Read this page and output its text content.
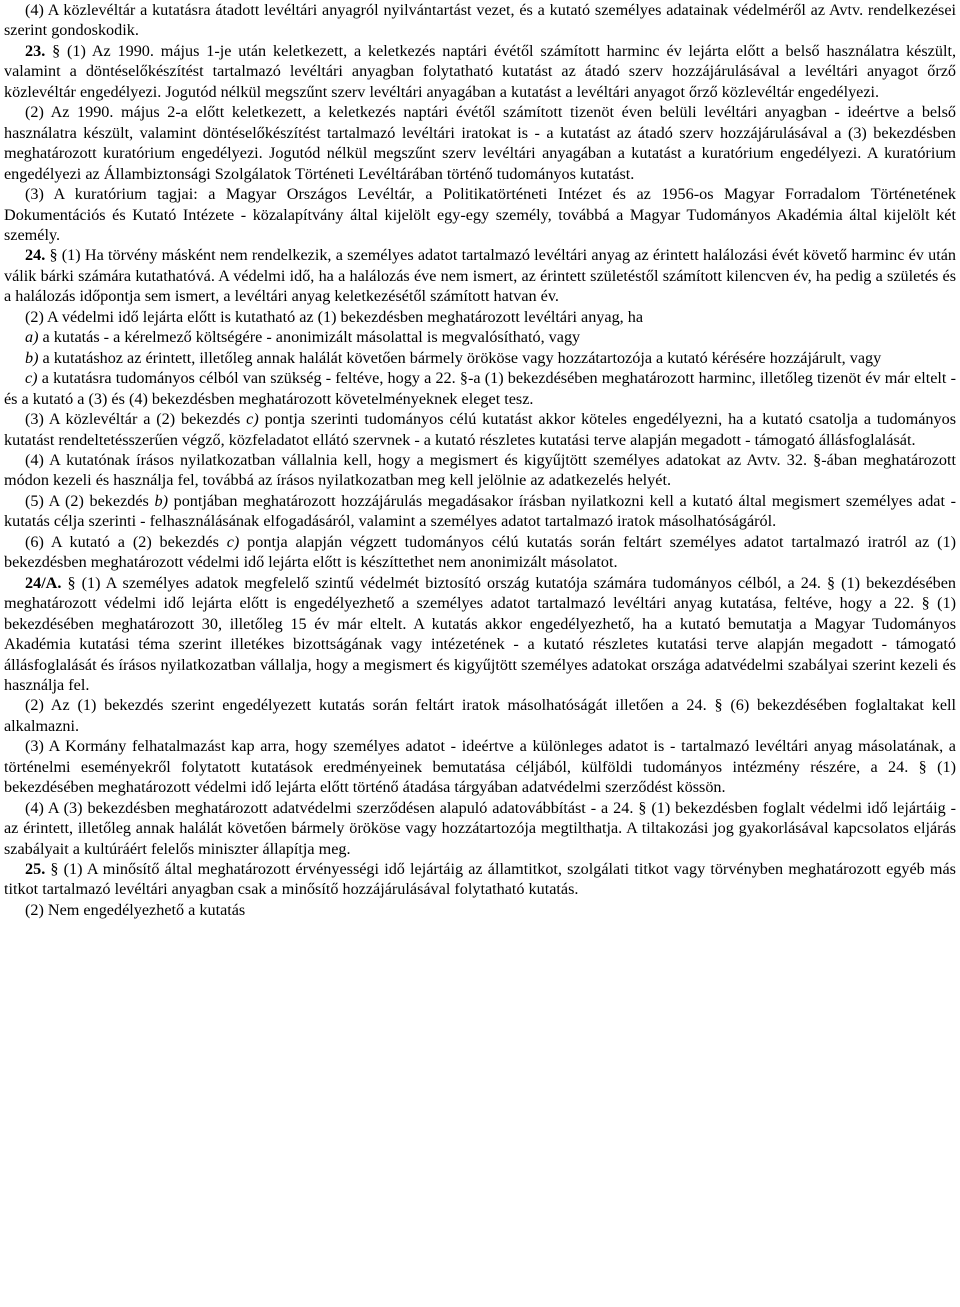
(4) A közlevéltár a kutatásra átadott levéltári anyagról nyilvántartást vezet, és a kutató személyes adatainak védelméről az Avtv. rendelkezései szerint gondoskodik.

23. § (1) Az 1990. május 1-je után keletkezett, a keletkezés naptári évétől számított harminc év lejárta előtt a belső használatra készült, valamint a döntéselőkészítést tartalmazó levéltári anyagban folytatható kutatást az átadó szerv hozzájárulásával a levéltári anyagot őrző közlevéltár engedélyezi. Jogutód nélkül megszűnt szerv levéltári anyagában a kutatást a levéltári anyagot őrző közlevéltár engedélyezi.

(2) Az 1990. május 2-a előtt keletkezett, a keletkezés naptári évétől számított tizenöt éven belüli levéltári anyagban - ideértve a belső használatra készült, valamint döntéselőkészítést tartalmazó levéltári iratokat is - a kutatást az átadó szerv hozzájárulásával a (3) bekezdésben meghatározott kuratórium engedélyezi. Jogutód nélkül megszűnt szerv levéltári anyagában a kutatást a kuratórium engedélyezi. A kuratórium engedélyezi az Állambiztonsági Szolgálatok Történeti Levéltárában történő tudományos kutatást.

(3) A kuratórium tagjai: a Magyar Országos Levéltár, a Politikatörténeti Intézet és az 1956-os Magyar Forradalom Történetének Dokumentációs és Kutató Intézete - közalapítvány által kijelölt egy-egy személy, továbbá a Magyar Tudományos Akadémia által kijelölt két személy.

24. § (1) Ha törvény másként nem rendelkezik, a személyes adatot tartalmazó levéltári anyag az érintett halálozási évét követő harminc év után válik bárki számára kutathatóvá. A védelmi idő, ha a halálozás éve nem ismert, az érintett születéstől számított kilencven év, ha pedig a születés és a halálozás időpontja sem ismert, a levéltári anyag keletkezésétől számított hatvan év.

(2) A védelmi idő lejárta előtt is kutatható az (1) bekezdésben meghatározott levéltári anyag, ha

a) a kutatás - a kérelmező költségére - anonimizált másolattal is megvalósítható, vagy

b) a kutatáshoz az érintett, illetőleg annak halálát követően bármely örököse vagy hozzátartozója a kutató kérésére hozzájárult, vagy

c) a kutatásra tudományos célból van szükség - feltéve, hogy a 22. §-a (1) bekezdésében meghatározott harminc, illetőleg tizenöt év már eltelt - és a kutató a (3) és (4) bekezdésben meghatározott követelményeknek eleget tesz.

(3) A közlevéltár a (2) bekezdés c) pontja szerinti tudományos célú kutatást akkor köteles engedélyezni, ha a kutató csatolja a tudományos kutatást rendeltetésszerűen végző, közfeladatot ellátó szervnek - a kutató részletes kutatási terve alapján megadott - támogató állásfoglalását.

(4) A kutatónak írásos nyilatkozatban vállalnia kell, hogy a megismert és kigyűjtött személyes adatokat az Avtv. 32. §-ában meghatározott módon kezeli és használja fel, továbbá az írásos nyilatkozatban meg kell jelölnie az adatkezelés helyét.

(5) A (2) bekezdés b) pontjában meghatározott hozzájárulás megadásakor írásban nyilatkozni kell a kutató által megismert személyes adat - kutatás célja szerinti - felhasználásának elfogadásáról, valamint a személyes adatot tartalmazó iratok másolhatóságáról.

(6) A kutató a (2) bekezdés c) pontja alapján végzett tudományos célú kutatás során feltárt személyes adatot tartalmazó iratról az (1) bekezdésben meghatározott védelmi idő lejárta előtt is készíttethet nem anonimizált másolatot.

24/A. § (1) A személyes adatok megfelelő szintű védelmét biztosító ország kutatója számára tudományos célból, a 24. § (1) bekezdésében meghatározott védelmi idő lejárta előtt is engedélyezhető a személyes adatot tartalmazó levéltári anyag kutatása, feltéve, hogy a 22. § (1) bekezdésében meghatározott 30, illetőleg 15 év már eltelt. A kutatás akkor engedélyezhető, ha a kutató bemutatja a Magyar Tudományos Akadémia kutatási téma szerint illetékes bizottságának vagy intézetének - a kutató részletes kutatási terve alapján megadott - támogató állásfoglalását és írásos nyilatkozatban vállalja, hogy a megismert és kigyűjtött személyes adatokat országa adatvédelmi szabályai szerint kezeli és használja fel.

(2) Az (1) bekezdés szerint engedélyezett kutatás során feltárt iratok másolhatóságát illetően a 24. § (6) bekezdésében foglaltakat kell alkalmazni.

(3) A Kormány felhatalmazást kap arra, hogy személyes adatot - ideértve a különleges adatot is - tartalmazó levéltári anyag másolatának, a történelmi eseményekről folytatott kutatások eredményeinek bemutatása céljából, külföldi tudományos intézmény részére, a 24. § (1) bekezdésében meghatározott védelmi idő lejárta előtt történő átadása tárgyában adatvédelmi szerződést kössön.

(4) A (3) bekezdésben meghatározott adatvédelmi szerződésen alapuló adatovábbítást - a 24. § (1) bekezdésben foglalt védelmi idő lejártáig - az érintett, illetőleg annak halálát követően bármely örököse vagy hozzátartozója megtilthatja. A tiltakozási jog gyakorlásával kapcsolatos eljárás szabályait a kultúráért felelős miniszter állapítja meg.

25. § (1) A minősítő által meghatározott érvényességi idő lejártáig az államtitkot, szolgálati titkot vagy törvényben meghatározott egyéb más titkot tartalmazó levéltári anyagban csak a minősítő hozzájárulásával folytatható kutatás.

(2) Nem engedélyezhető a kutatás
